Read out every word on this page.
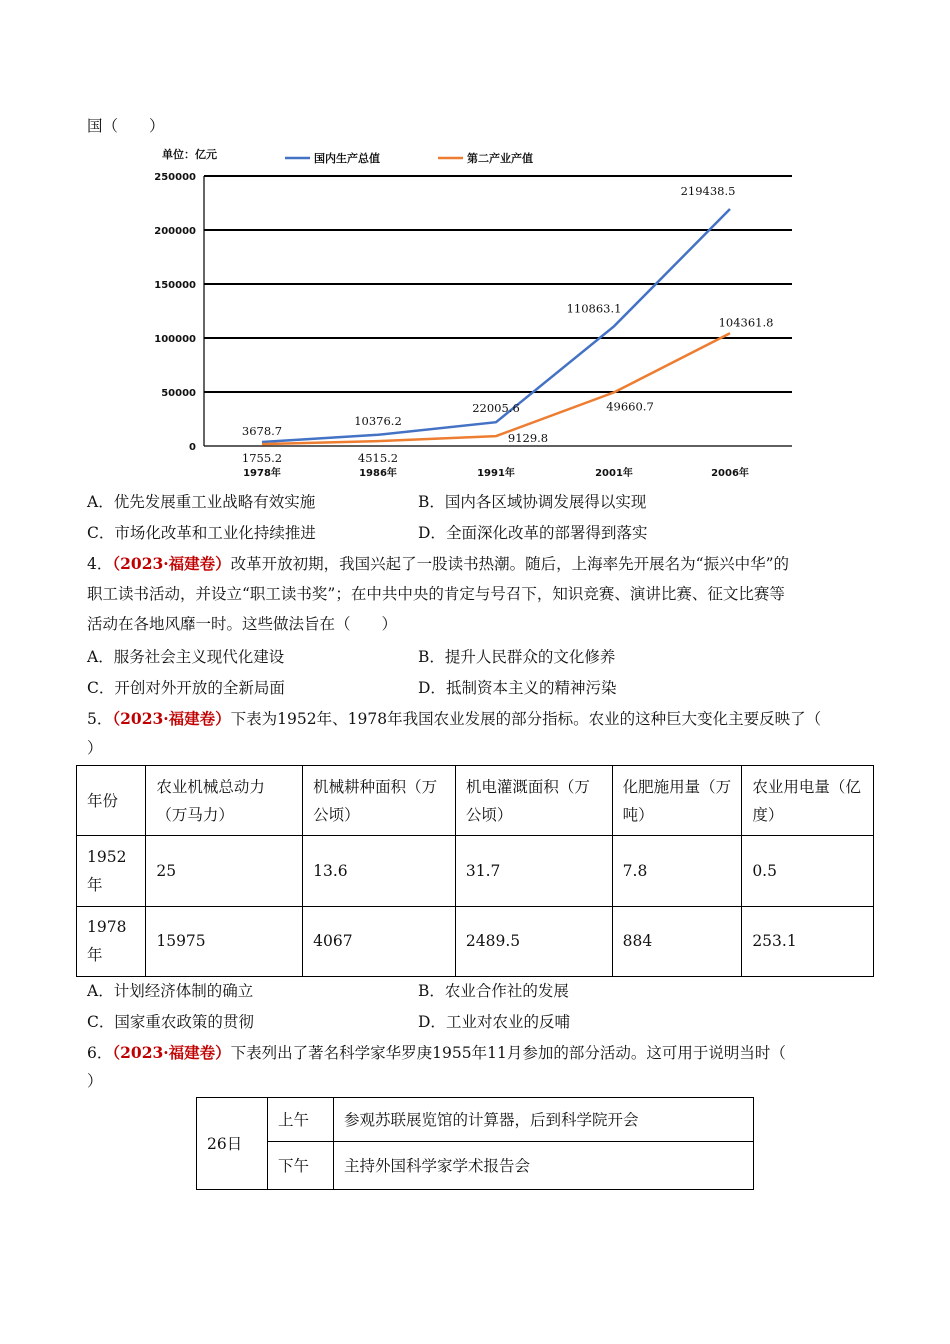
国（　　）
单位：亿元	国内生产总值	第二产业产值
0
50000
100000
150000
200000
250000
1978年	1986年	1991年	2001年	2006年
3678.7
10376.2
22005.6
110863.1
219438.5
1755.2	4515.2
9129.8
49660.7
104361.8
A．优先发展重工业战略有效实施	B．国内各区域协调发展得以实现
C．市场化改革和工业化持续推进	D．全面深化改革的部署得到落实
4．（2023·福建卷）改革开放初期，我国兴起了一股读书热潮。随后，上海率先开展名为“振兴中华”的
职工读书活动，并设立“职工读书奖”；在中共中央的肯定与号召下，知识竞赛、演讲比赛、征文比赛等
活动在各地风靡一时。这些做法旨在（　　）
A．服务社会主义现代化建设	B．提升人民群众的文化修养
C．开创对外开放的全新局面	D．抵制资本主义的精神污染
5．（2023·福建卷）下表为1952年、1978年我国农业发展的部分指标。农业的这种巨大变化主要反映了（
）
年份	农业机械总动力（万马力）	机械耕种面积（万公顷）	机电灌溉面积（万公顷）	化肥施用量（万吨）	农业用电量（亿度）
1952年	25	13.6	31.7	7.8	0.5
1978年	15975	4067	2489.5	884	253.1
A．计划经济体制的确立	B．农业合作社的发展
C．国家重农政策的贯彻	D．工业对农业的反哺
6．（2023·福建卷）下表列出了著名科学家华罗庚1955年11月参加的部分活动。这可用于说明当时（
）
26日	上午	参观苏联展览馆的计算器，后到科学院开会
	下午	主持外国科学家学术报告会
